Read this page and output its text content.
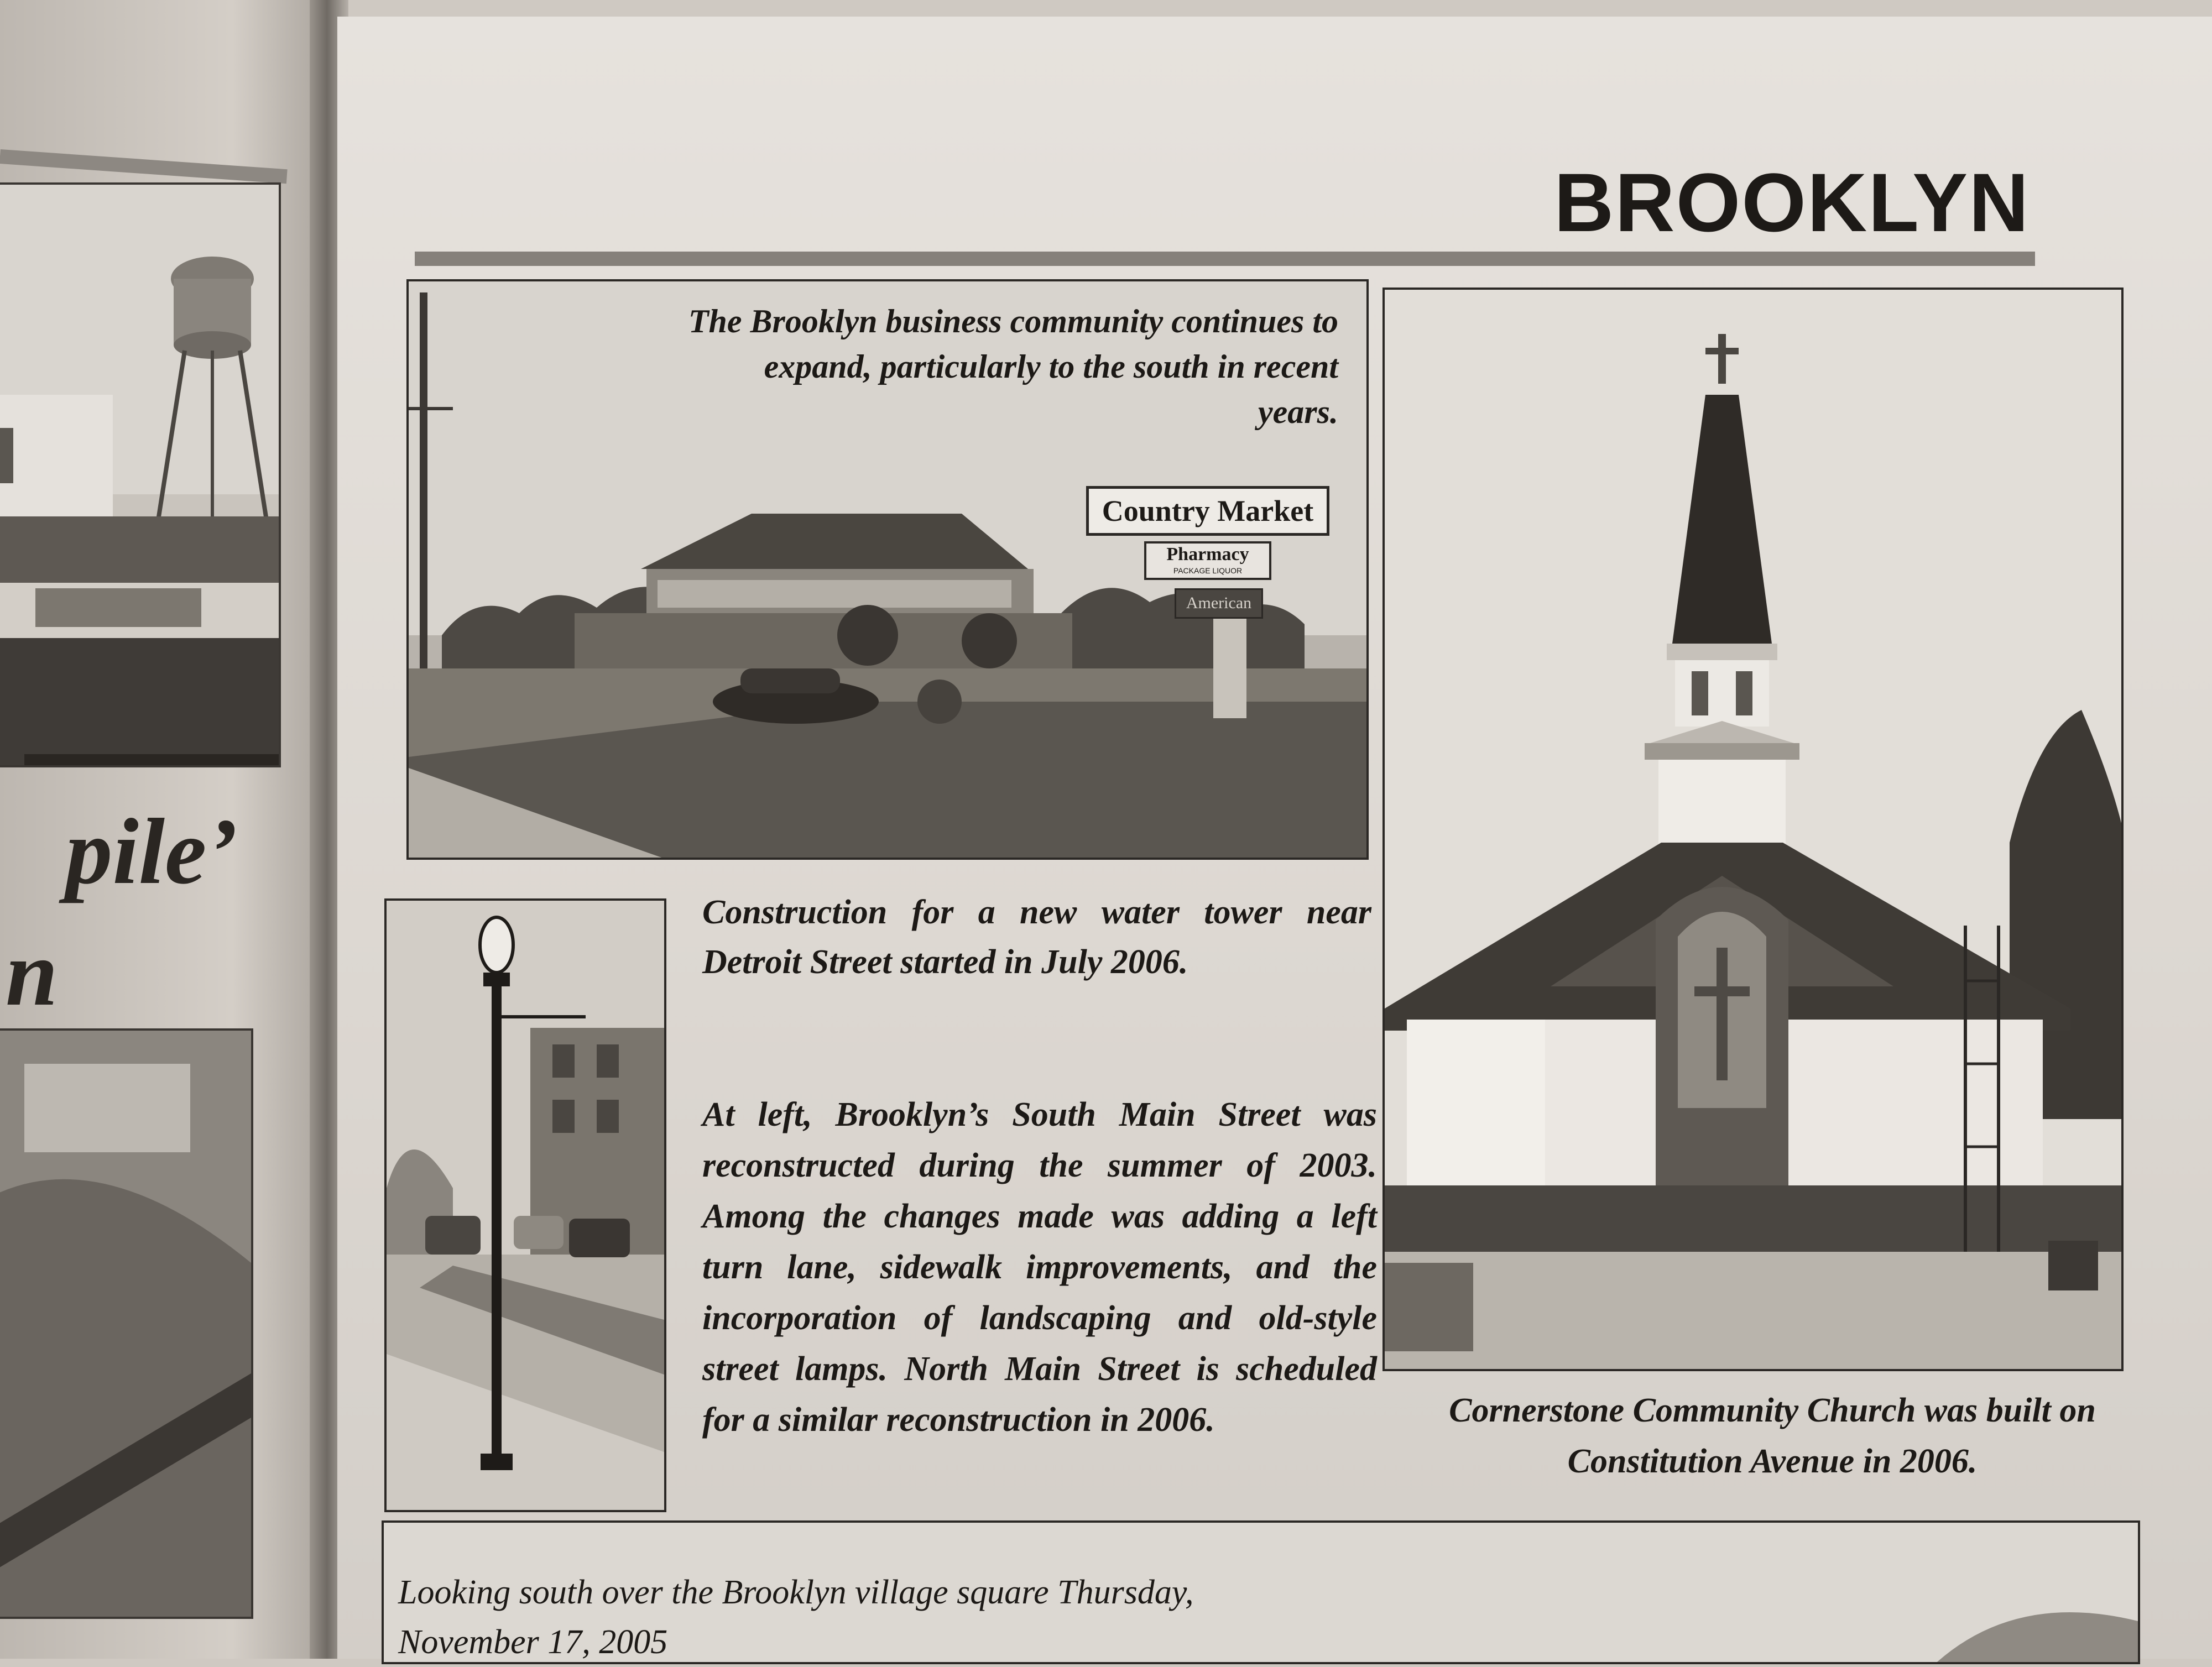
pile’
n
BROOKLYN
Country Market
Pharmacy
PACKAGE LIQUOR
American

The Brooklyn business community continues to expand, particularly to the south in recent years.

Construction for a new water tower near Detroit Street started in July 2006.

At left, Brooklyn’s South Main Street was reconstructed during the summer of 2003. Among the changes made was adding a left turn lane, sidewalk improvements, and the incorporation of landscaping and old-style street lamps. North Main Street is scheduled for a similar reconstruction in 2006.	Cornerstone Community Church was built on Constitution Avenue in 2006.

Looking south over the Brooklyn village square Thursday, November 17, 2005
